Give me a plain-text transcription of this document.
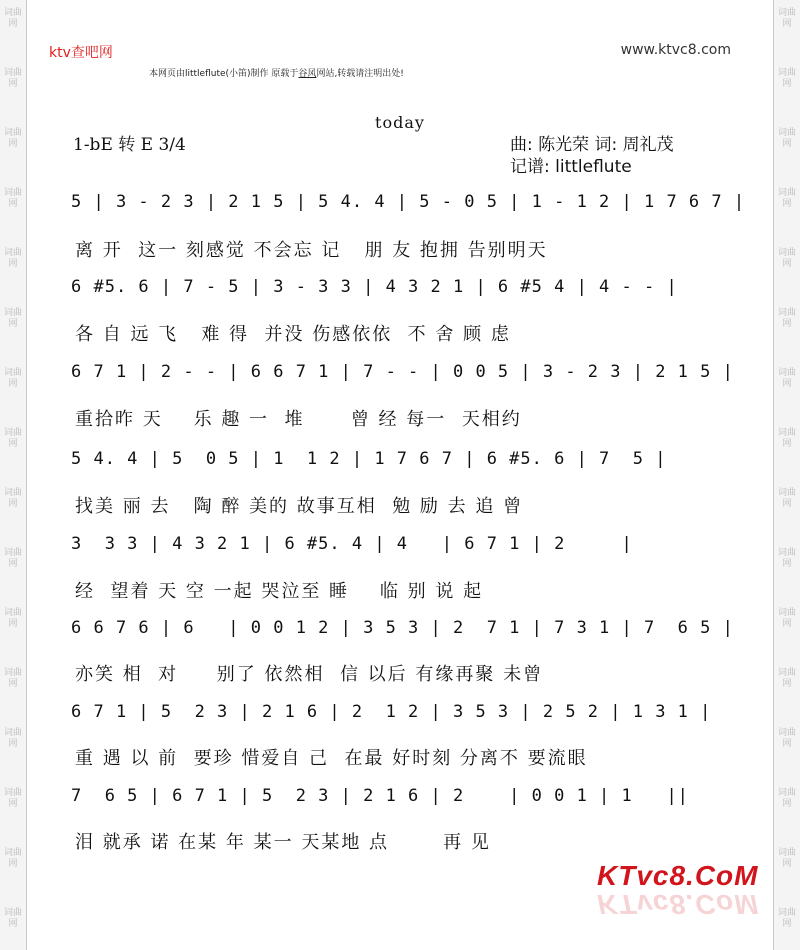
词曲网
词曲网
词曲网
词曲网
词曲网
词曲网
词曲网
词曲网
词曲网
词曲网
词曲网
词曲网
词曲网
词曲网
词曲网
词曲网
词曲网
词曲网
词曲网
词曲网
词曲网
词曲网
词曲网
词曲网
词曲网
词曲网
词曲网
词曲网
词曲网
词曲网
词曲网
词曲网
ktv查吧网	www.ktvc8.com
本网页由littleflute(小笛)制作 原载于谷风网站,转载请注明出处!
today
1-bE 转 E 3/4	曲: 陈光荣 词: 周礼茂
记谱: littleflute
5 | 3 - 2 3 | 2 1 5 | 5 4. 4 | 5 - 0 5 | 1 - 1 2 | 1 7 6 7 |
离 开  这一 刻感觉 不会忘 记   朋 友 抱拥 告别明天
6 #5. 6 | 7 - 5 | 3 - 3 3 | 4 3 2 1 | 6 #5 4 | 4 - - |
各 自 远 飞   难 得  并没 伤感依依  不 舍 顾 虑
6 7 1 | 2 - - | 6 6 7 1 | 7 - - | 0 0 5 | 3 - 2 3 | 2 1 5 |
重拾昨 天    乐 趣 一  堆      曾 经 每一  天相约
5 4. 4 | 5  0 5 | 1  1 2 | 1 7 6 7 | 6 #5. 6 | 7  5 |
找美 丽 去   陶 醉 美的 故事互相  勉 励 去 追 曾
3  3 3 | 4 3 2 1 | 6 #5. 4 | 4   | 6 7 1 | 2     |
经  望着 天 空 一起 哭泣至 睡    临 别 说 起
6 6 7 6 | 6   | 0 0 1 2 | 3 5 3 | 2  7 1 | 7 3 1 | 7  6 5 |
亦笑 相  对     别了 依然相  信 以后 有缘再聚 未曾
6 7 1 | 5  2 3 | 2 1 6 | 2  1 2 | 3 5 3 | 2 5 2 | 1 3 1 |
重 遇 以 前  要珍 惜爱自 己  在最 好时刻 分离不 要流眼
7  6 5 | 6 7 1 | 5  2 3 | 2 1 6 | 2    | 0 0 1 | 1   ||
泪 就承 诺 在某 年 某一 天某地 点       再 见
KTvc8.CoM
KTvc8.CoM
